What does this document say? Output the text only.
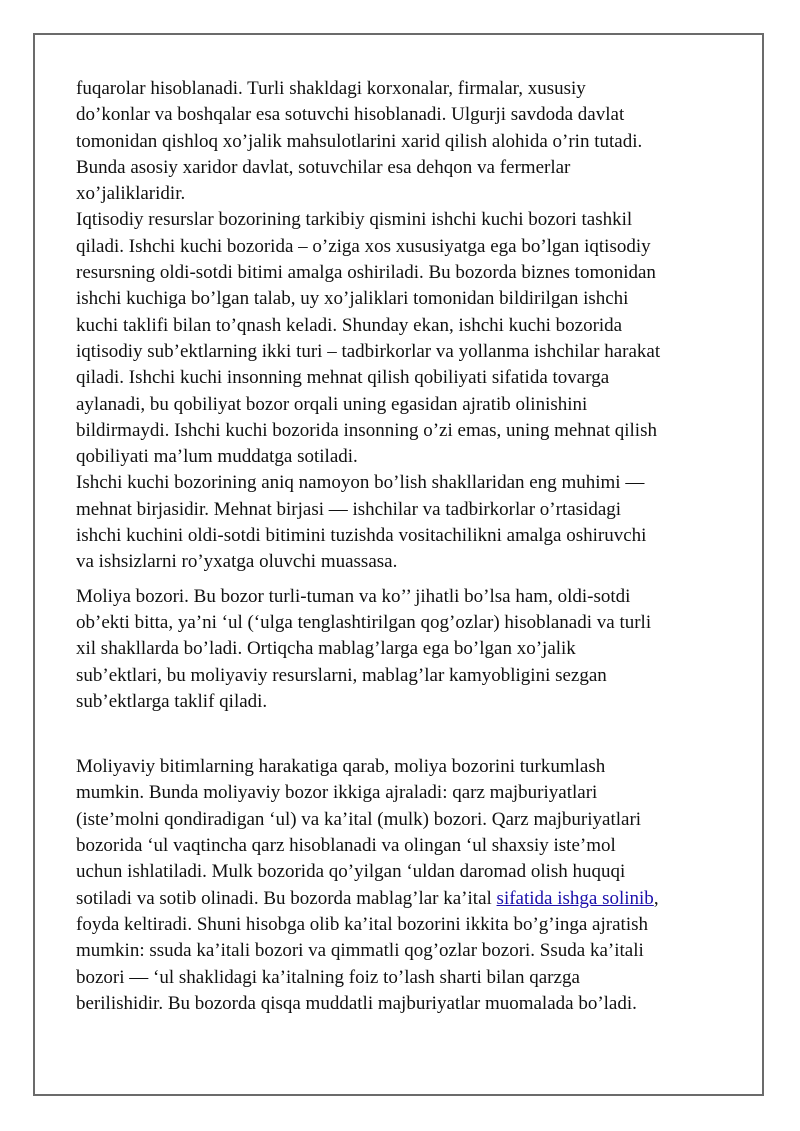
fuqarolar hisoblanadi. Turli shakldagi korxonalar, firmalar, xususiy
do’konlar va boshqalar esa sotuvchi hisoblanadi. Ulgurji savdoda davlat
tomonidan qishloq xo’jalik mahsulotlarini xarid qilish alohida o’rin tutadi.
Bunda asosiy xaridor davlat, sotuvchilar esa dehqon va fermerlar
xo’jaliklaridir.

Iqtisodiy resurslar bozorining tarkibiy qismini ishchi kuchi bozori tashkil
qiladi. Ishchi kuchi bozorida – o’ziga xos xususiyatga ega bo’lgan iqtisodiy
resursning oldi-sotdi bitimi amalga oshiriladi. Bu bozorda biznes tomonidan
ishchi kuchiga bo’lgan talab, uy xo’jaliklari tomonidan bildirilgan ishchi
kuchi taklifi bilan to’qnash keladi. Shunday ekan, ishchi kuchi bozorida
iqtisodiy sub’ektlarning ikki turi – tadbirkorlar va yollanma ishchilar harakat
qiladi. Ishchi kuchi insonning mehnat qilish qobiliyati sifatida tovarga
aylanadi, bu qobiliyat bozor orqali uning egasidan ajratib olinishini
bildirmaydi. Ishchi kuchi bozorida insonning o’zi emas, uning mehnat qilish
qobiliyati ma’lum muddatga sotiladi.

Ishchi kuchi bozorining aniq namoyon bo’lish shakllaridan eng muhimi —
mehnat birjasidir. Mehnat birjasi — ishchilar va tadbirkorlar o’rtasidagi
ishchi kuchini oldi-sotdi bitimini tuzishda vositachilikni amalga oshiruvchi
va ishsizlarni ro’yxatga oluvchi muassasa.

Moliya bozori. Bu bozor turli-tuman va ko’’ jihatli bo’lsa ham, oldi-sotdi
ob’ekti bitta, ya’ni ‘ul (‘ulga tenglashtirilgan qog’ozlar) hisoblanadi va turli
xil shakllarda bo’ladi. Ortiqcha mablag’larga ega bo’lgan xo’jalik
sub’ektlari, bu moliyaviy resurslarni, mablag’lar kamyobligini sezgan
sub’ektlarga taklif qiladi.

Moliyaviy bitimlarning harakatiga qarab, moliya bozorini turkumlash
mumkin. Bunda moliyaviy bozor ikkiga ajraladi: qarz majburiyatlari
(iste’molni qondiradigan ‘ul) va ka’ital (mulk) bozori. Qarz majburiyatlari
bozorida ‘ul vaqtincha qarz hisoblanadi va olingan ‘ul shaxsiy iste’mol
uchun ishlatiladi. Mulk bozorida qo’yilgan ‘uldan daromad olish huquqi
sotiladi va sotib olinadi. Bu bozorda mablag’lar ka’ital sifatida ishga solinib,
foyda keltiradi. Shuni hisobga olib ka’ital bozorini ikkita bo’g’inga ajratish
mumkin: ssuda ka’itali bozori va qimmatli qog’ozlar bozori. Ssuda ka’itali
bozori — ‘ul shaklidagi ka’italning foiz to’lash sharti bilan qarzga
berilishidir. Bu bozorda qisqa muddatli majburiyatlar muomalada bo’ladi.
